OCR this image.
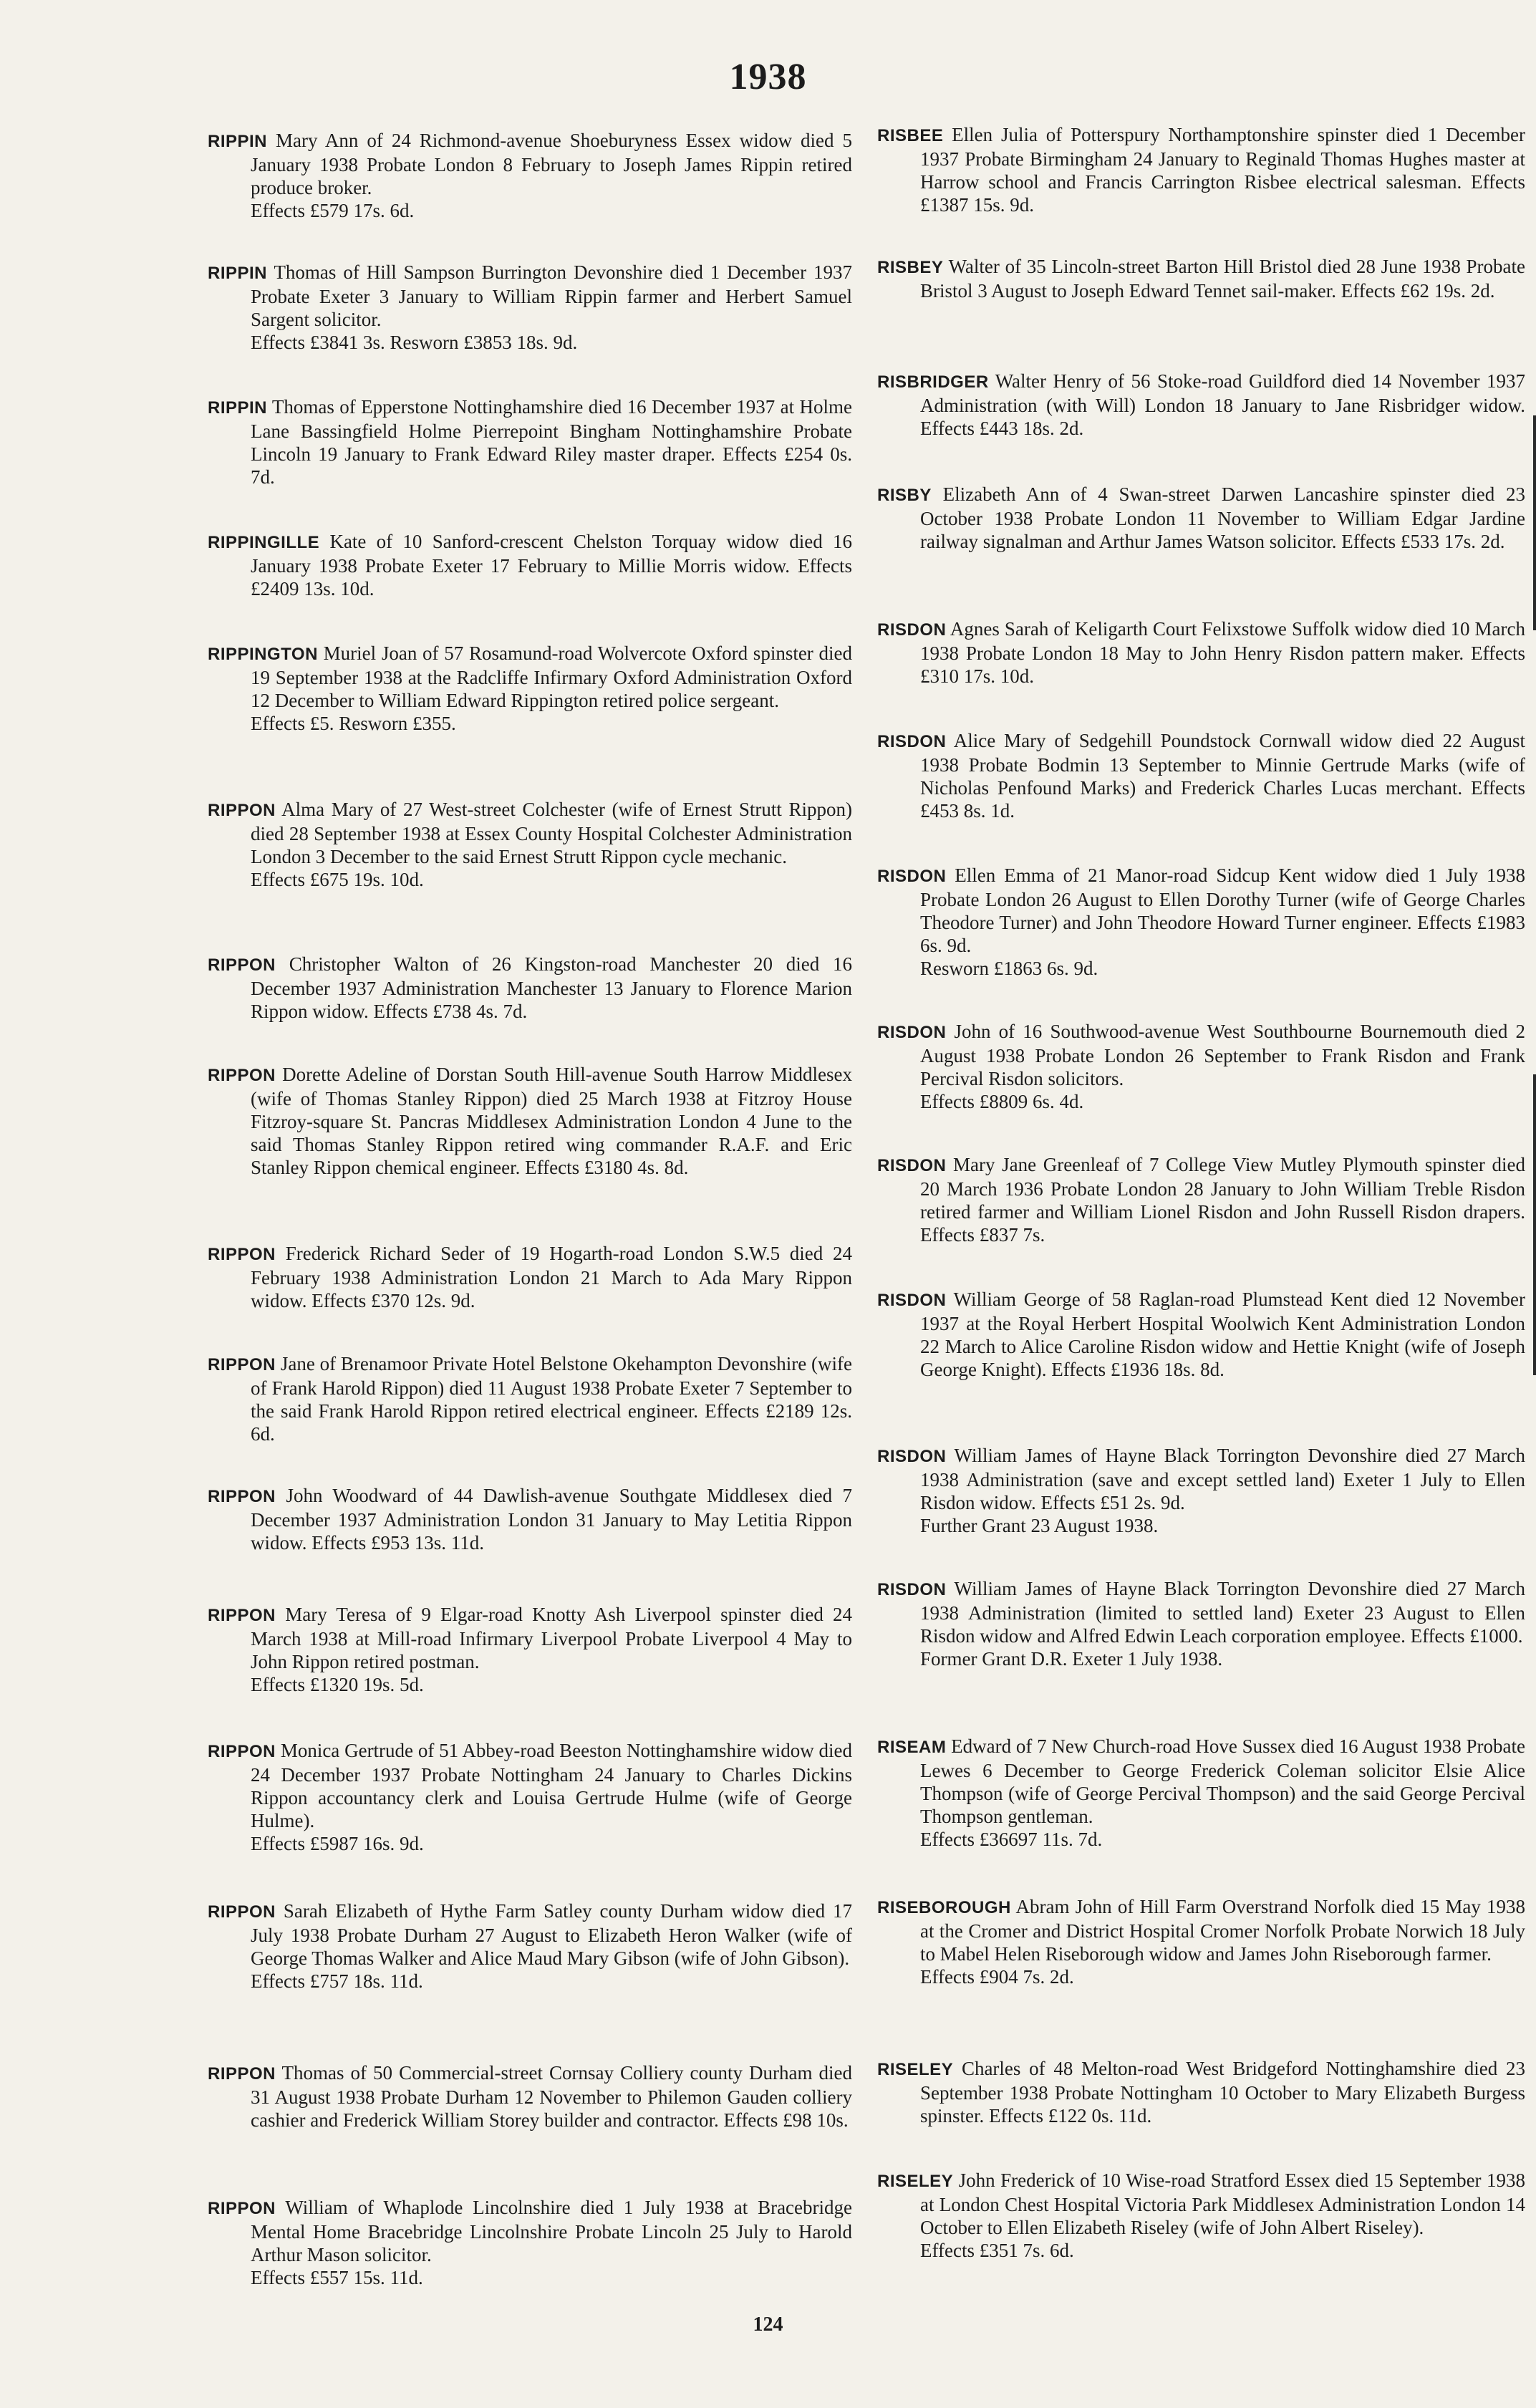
1938
RIPPIN Mary Ann of 24 Richmond-avenue Shoeburyness Essex widow died 5 January 1938 Probate London 8 February to Joseph James Rippin retired produce broker.
Effects £579 17s. 6d.
RIPPIN Thomas of Hill Sampson Burrington Devonshire died 1 December 1937 Probate Exeter 3 January to William Rippin farmer and Herbert Samuel Sargent solicitor.
Effects £3841 3s. Resworn £3853 18s. 9d.
RIPPIN Thomas of Epperstone Nottinghamshire died 16 December 1937 at Holme Lane Bassingfield Holme Pierrepoint Bingham Nottinghamshire Probate Lincoln 19 January to Frank Edward Riley master draper. Effects £254 0s. 7d.
RIPPINGILLE Kate of 10 Sanford-crescent Chelston Torquay widow died 16 January 1938 Probate Exeter 17 February to Millie Morris widow. Effects £2409 13s. 10d.
RIPPINGTON Muriel Joan of 57 Rosamund-road Wolvercote Oxford spinster died 19 September 1938 at the Radcliffe Infirmary Oxford Administration Oxford 12 December to William Edward Rippington retired police sergeant.
Effects £5. Resworn £355.
RIPPON Alma Mary of 27 West-street Colchester (wife of Ernest Strutt Rippon) died 28 September 1938 at Essex County Hospital Colchester Administration London 3 December to the said Ernest Strutt Rippon cycle mechanic.
Effects £675 19s. 10d.
RIPPON Christopher Walton of 26 Kingston-road Manchester 20 died 16 December 1937 Administration Manchester 13 January to Florence Marion Rippon widow. Effects £738 4s. 7d.
RIPPON Dorette Adeline of Dorstan South Hill-avenue South Harrow Middlesex (wife of Thomas Stanley Rippon) died 25 March 1938 at Fitzroy House Fitzroy-square St. Pancras Middlesex Administration London 4 June to the said Thomas Stanley Rippon retired wing commander R.A.F. and Eric Stanley Rippon chemical engineer. Effects £3180 4s. 8d.
RIPPON Frederick Richard Seder of 19 Hogarth-road London S.W.5 died 24 February 1938 Administration London 21 March to Ada Mary Rippon widow. Effects £370 12s. 9d.
RIPPON Jane of Brenamoor Private Hotel Belstone Okehampton Devonshire (wife of Frank Harold Rippon) died 11 August 1938 Probate Exeter 7 September to the said Frank Harold Rippon retired electrical engineer. Effects £2189 12s. 6d.
RIPPON John Woodward of 44 Dawlish-avenue Southgate Middlesex died 7 December 1937 Administration London 31 January to May Letitia Rippon widow. Effects £953 13s. 11d.
RIPPON Mary Teresa of 9 Elgar-road Knotty Ash Liverpool spinster died 24 March 1938 at Mill-road Infirmary Liverpool Probate Liverpool 4 May to John Rippon retired postman.
Effects £1320 19s. 5d.
RIPPON Monica Gertrude of 51 Abbey-road Beeston Nottinghamshire widow died 24 December 1937 Probate Nottingham 24 January to Charles Dickins Rippon accountancy clerk and Louisa Gertrude Hulme (wife of George Hulme).
Effects £5987 16s. 9d.
RIPPON Sarah Elizabeth of Hythe Farm Satley county Durham widow died 17 July 1938 Probate Durham 27 August to Elizabeth Heron Walker (wife of George Thomas Walker and Alice Maud Mary Gibson (wife of John Gibson).
Effects £757 18s. 11d.
RIPPON Thomas of 50 Commercial-street Cornsay Colliery county Durham died 31 August 1938 Probate Durham 12 November to Philemon Gauden colliery cashier and Frederick William Storey builder and contractor. Effects £98 10s.
RIPPON William of Whaplode Lincolnshire died 1 July 1938 at Bracebridge Mental Home Bracebridge Lincolnshire Probate Lincoln 25 July to Harold Arthur Mason solicitor.
Effects £557 15s. 11d.
RISBEE Ellen Julia of Potterspury Northamptonshire spinster died 1 December 1937 Probate Birmingham 24 January to Reginald Thomas Hughes master at Harrow school and Francis Carrington Risbee electrical salesman. Effects £1387 15s. 9d.
RISBEY Walter of 35 Lincoln-street Barton Hill Bristol died 28 June 1938 Probate Bristol 3 August to Joseph Edward Tennet sail-maker. Effects £62 19s. 2d.
RISBRIDGER Walter Henry of 56 Stoke-road Guildford died 14 November 1937 Administration (with Will) London 18 January to Jane Risbridger widow. Effects £443 18s. 2d.
RISBY Elizabeth Ann of 4 Swan-street Darwen Lancashire spinster died 23 October 1938 Probate London 11 November to William Edgar Jardine railway signalman and Arthur James Watson solicitor. Effects £533 17s. 2d.
RISDON Agnes Sarah of Keligarth Court Felixstowe Suffolk widow died 10 March 1938 Probate London 18 May to John Henry Risdon pattern maker. Effects £310 17s. 10d.
RISDON Alice Mary of Sedgehill Poundstock Cornwall widow died 22 August 1938 Probate Bodmin 13 September to Minnie Gertrude Marks (wife of Nicholas Penfound Marks) and Frederick Charles Lucas merchant. Effects £453 8s. 1d.
RISDON Ellen Emma of 21 Manor-road Sidcup Kent widow died 1 July 1938 Probate London 26 August to Ellen Dorothy Turner (wife of George Charles Theodore Turner) and John Theodore Howard Turner engineer. Effects £1983 6s. 9d.
Resworn £1863 6s. 9d.
RISDON John of 16 Southwood-avenue West Southbourne Bournemouth died 2 August 1938 Probate London 26 September to Frank Risdon and Frank Percival Risdon solicitors.
Effects £8809 6s. 4d.
RISDON Mary Jane Greenleaf of 7 College View Mutley Plymouth spinster died 20 March 1936 Probate London 28 January to John William Treble Risdon retired farmer and William Lionel Risdon and John Russell Risdon drapers. Effects £837 7s.
RISDON William George of 58 Raglan-road Plumstead Kent died 12 November 1937 at the Royal Herbert Hospital Woolwich Kent Administration London 22 March to Alice Caroline Risdon widow and Hettie Knight (wife of Joseph George Knight). Effects £1936 18s. 8d.
RISDON William James of Hayne Black Torrington Devonshire died 27 March 1938 Administration (save and except settled land) Exeter 1 July to Ellen Risdon widow. Effects £51 2s. 9d.
Further Grant 23 August 1938.
RISDON William James of Hayne Black Torrington Devonshire died 27 March 1938 Administration (limited to settled land) Exeter 23 August to Ellen Risdon widow and Alfred Edwin Leach corporation employee. Effects £1000.
Former Grant D.R. Exeter 1 July 1938.
RISEAM Edward of 7 New Church-road Hove Sussex died 16 August 1938 Probate Lewes 6 December to George Frederick Coleman solicitor Elsie Alice Thompson (wife of George Percival Thompson) and the said George Percival Thompson gentleman.
Effects £36697 11s. 7d.
RISEBOROUGH Abram John of Hill Farm Overstrand Norfolk died 15 May 1938 at the Cromer and District Hospital Cromer Norfolk Probate Norwich 18 July to Mabel Helen Riseborough widow and James John Riseborough farmer.
Effects £904 7s. 2d.
RISELEY Charles of 48 Melton-road West Bridgeford Nottinghamshire died 23 September 1938 Probate Nottingham 10 October to Mary Elizabeth Burgess spinster. Effects £122 0s. 11d.
RISELEY John Frederick of 10 Wise-road Stratford Essex died 15 September 1938 at London Chest Hospital Victoria Park Middlesex Administration London 14 October to Ellen Elizabeth Riseley (wife of John Albert Riseley).
Effects £351 7s. 6d.
124
